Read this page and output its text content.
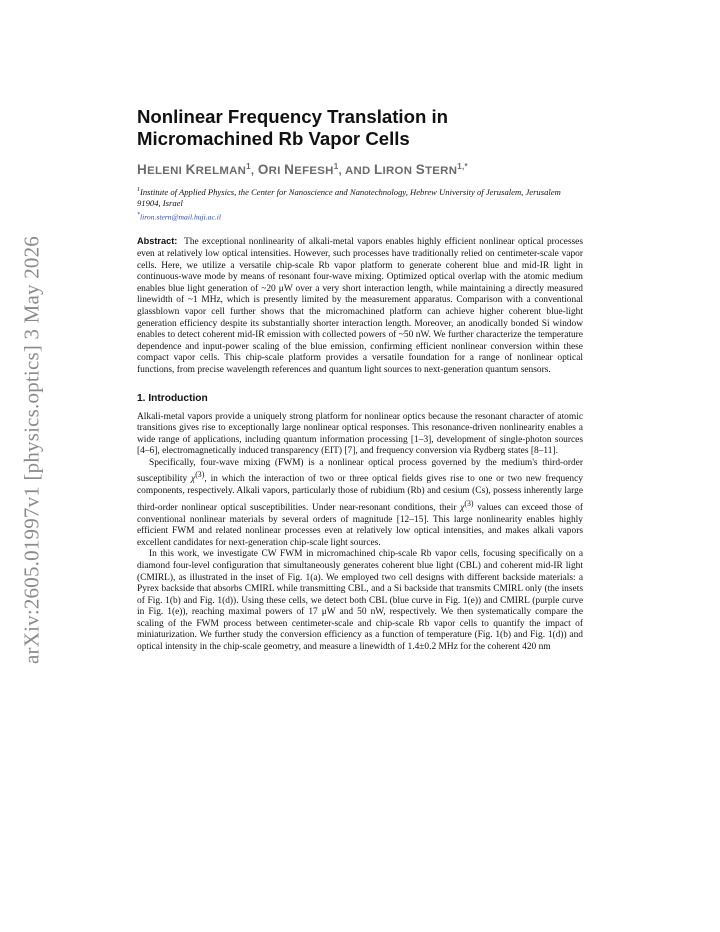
arXiv:2605.01997v1 [physics.optics] 3 May 2026
Nonlinear Frequency Translation in
Micromachined Rb Vapor Cells
HELENI KRELMAN$^1$, ORI NEFESH$^1$, AND LIRON $STERN^{1,*}$

$^1$Institute of Applied Physics, the Center for Nanoscience and Nanotechnology, Hebrew University of Jerusalem, Jerusalem 91904, Israel

*liron.stern@mail.huji.ac.il

Abstract: The exceptional nonlinearity of alkali-metal vapors enables highly efficient nonlinear optical processes even at relatively low optical intensities. However, such processes have traditionally relied on centimeter-scale vapor cells. Here, we utilize a versatile chip-scale Rb vapor platform to generate coherent blue and mid-IR light in continuous-wave mode by means of resonant four-wave mixing. Optimized optical overlap with the atomic medium enables blue light generation of ~20 μW over a very short interaction length, while maintaining a directly measured linewidth of ~1 MHz, which is presently limited by the measurement apparatus. Comparison with a conventional glassblown vapor cell further shows that the micromachined platform can achieve higher coherent blue-light generation efficiency despite its substantially shorter interaction length. Moreover, an anodically bonded Si window enables to detect coherent mid-IR emission with collected powers of ~50 nW. We further characterize the temperature dependence and input-power scaling of the blue emission, confirming efficient nonlinear conversion within these compact vapor cells. This chip-scale platform provides a versatile foundation for a range of nonlinear optical functions, from precise wavelength references and quantum light sources to next-generation quantum sensors.

1. Introduction

Alkali-metal vapors provide a uniquely strong platform for nonlinear optics because the resonant character of atomic transitions gives rise to exceptionally large nonlinear optical responses. This resonance-driven nonlinearity enables a wide range of applications, including quantum information processing [1–3], development of single-photon sources [4–6], electromagnetically induced transparency (EIT) [7], and frequency conversion via Rydberg states [8–11].

Specifically, four-wave mixing (FWM) is a nonlinear optical process governed by the medium's third-order susceptibility $\chi^{(3)}$, in which the interaction of two or three optical fields gives rise to one or two new frequency components, respectively. Alkali vapors, particularly those of rubidium (Rb) and cesium (Cs), possess inherently large third-order nonlinear optical susceptibilities. Under near-resonant conditions, their $\chi^{(3)}$ values can exceed those of conventional nonlinear materials by several orders of magnitude [12–15]. This large nonlinearity enables highly efficient FWM and related nonlinear processes even at relatively low optical intensities, and makes alkali vapors excellent candidates for next-generation chip-scale light sources.

In this work, we investigate CW FWM in micromachined chip-scale Rb vapor cells, focusing specifically on a diamond four-level configuration that simultaneously generates coherent blue light (CBL) and coherent mid-IR light (CMIRL), as illustrated in the inset of Fig. 1(a). We employed two cell designs with different backside materials: a Pyrex backside that absorbs CMIRL while transmitting CBL, and a Si backside that transmits CMIRL only (the insets of Fig. 1(b) and Fig. 1(d)). Using these cells, we detect both CBL (blue curve in Fig. 1(e)) and CMIRL (purple curve in Fig. 1(e)), reaching maximal powers of 17 μW and 50 nW, respectively. We then systematically compare the scaling of the FWM process between centimeter-scale and chip-scale Rb vapor cells to quantify the impact of miniaturization. We further study the conversion efficiency as a function of temperature (Fig. 1(b) and Fig. 1(d)) and optical intensity in the chip-scale geometry, and measure a linewidth of 1.4±0.2 MHz for the coherent 420 nm
